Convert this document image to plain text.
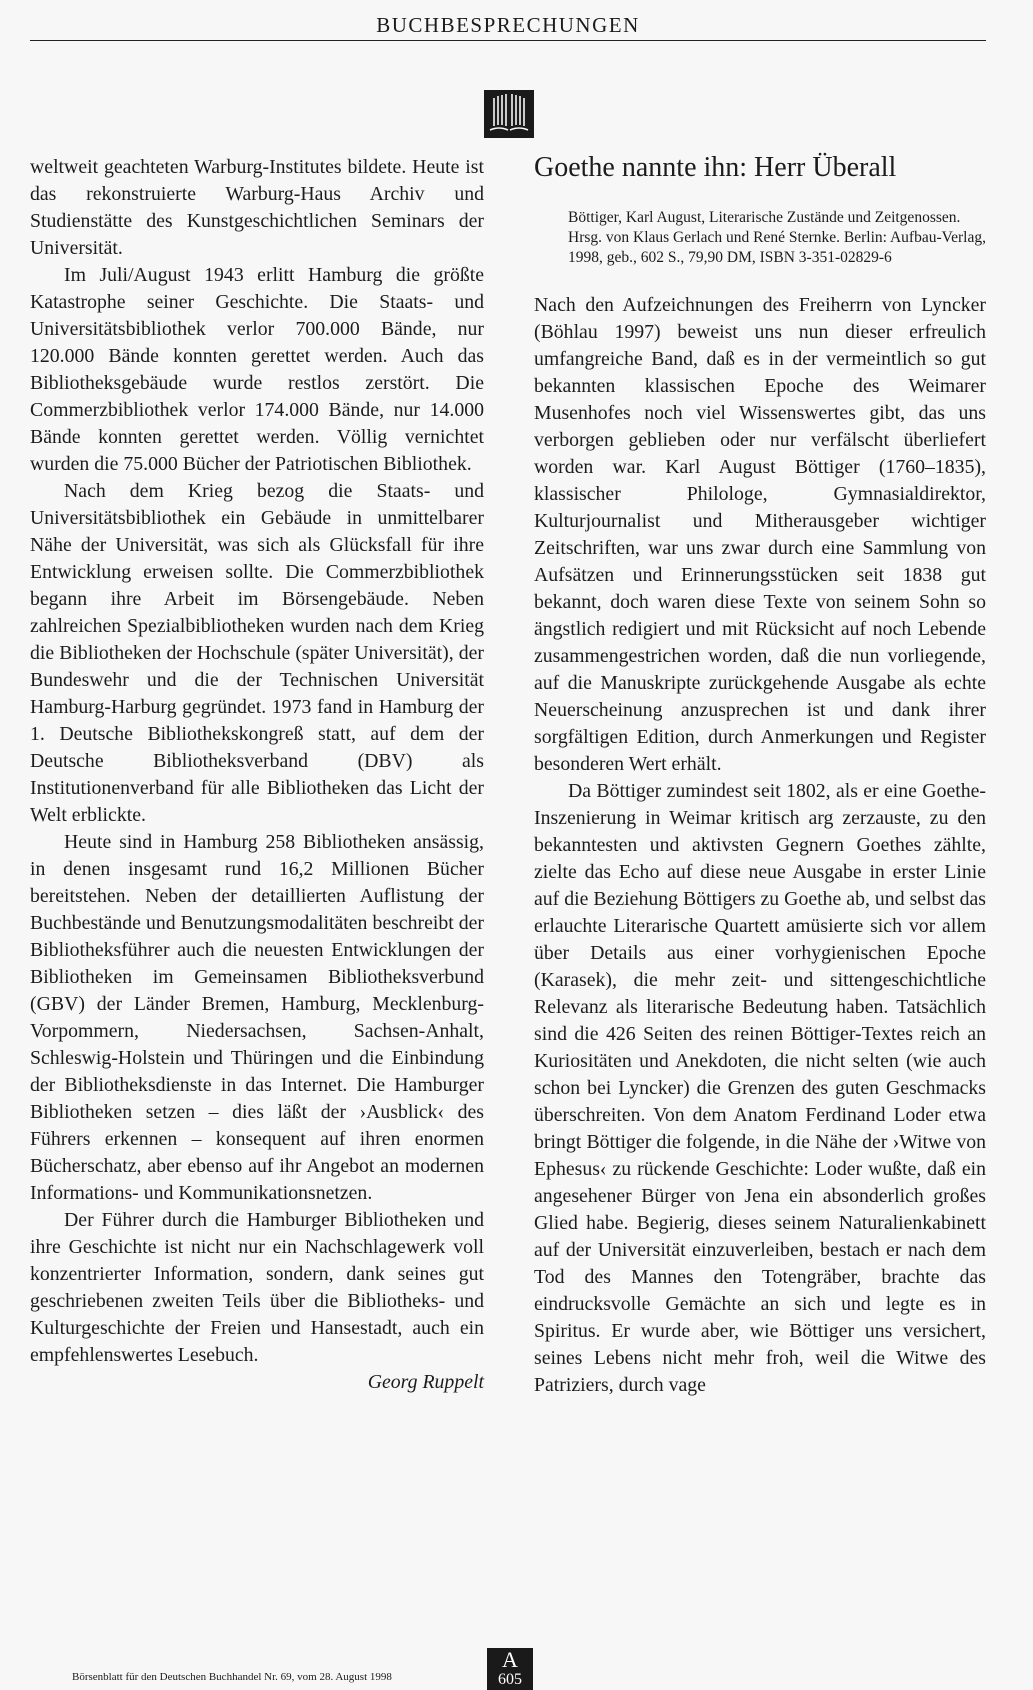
BUCHBESPRECHUNGEN

weltweit geachteten Warburg-Institutes bildete. Heute ist das rekonstruierte Warburg-Haus Archiv und Studienstätte des Kunstgeschichtlichen Seminars der Universität.

Im Juli/August 1943 erlitt Hamburg die größte Katastrophe seiner Geschichte. Die Staats- und Universitätsbibliothek verlor 700.000 Bände, nur 120.000 Bände konnten gerettet werden. Auch das Bibliotheksgebäude wurde restlos zerstört. Die Commerzbibliothek verlor 174.000 Bände, nur 14.000 Bände konnten gerettet werden. Völlig vernichtet wurden die 75.000 Bücher der Patriotischen Bibliothek.

Nach dem Krieg bezog die Staats- und Universitätsbibliothek ein Gebäude in unmittelbarer Nähe der Universität, was sich als Glücksfall für ihre Entwicklung erweisen sollte. Die Commerzbibliothek begann ihre Arbeit im Börsengebäude. Neben zahlreichen Spezialbibliotheken wurden nach dem Krieg die Bibliotheken der Hochschule (später Universität), der Bundeswehr und die der Technischen Universität Hamburg-Harburg gegründet. 1973 fand in Hamburg der 1. Deutsche Bibliothekskongreß statt, auf dem der Deutsche Bibliotheksverband (DBV) als Institutionenverband für alle Bibliotheken das Licht der Welt erblickte.

Heute sind in Hamburg 258 Bibliotheken ansässig, in denen insgesamt rund 16,2 Millionen Bücher bereitstehen. Neben der detaillierten Auflistung der Buchbestände und Benutzungsmodalitäten beschreibt der Bibliotheksführer auch die neuesten Entwicklungen der Bibliotheken im Gemeinsamen Bibliotheksverbund (GBV) der Länder Bremen, Hamburg, Mecklenburg-Vorpommern, Niedersachsen, Sachsen-Anhalt, Schleswig-Holstein und Thüringen und die Einbindung der Bibliotheksdienste in das Internet. Die Hamburger Bibliotheken setzen – dies läßt der ›Ausblick‹ des Führers erkennen – konsequent auf ihren enormen Bücherschatz, aber ebenso auf ihr Angebot an modernen Informations- und Kommunikationsnetzen.

Der Führer durch die Hamburger Bibliotheken und ihre Geschichte ist nicht nur ein Nachschlagewerk voll konzentrierter Information, sondern, dank seines gut geschriebenen zweiten Teils über die Bibliotheks- und Kulturgeschichte der Freien und Hansestadt, auch ein empfehlenswertes Lesebuch.

Georg Ruppelt

Goethe nannte ihn: Herr Überall
Böttiger, Karl August, Literarische Zustände und Zeitgenossen. Hrsg. von Klaus Gerlach und René Sternke. Berlin: Aufbau-Verlag, 1998, geb., 602 S., 79,90 DM, ISBN 3-351-02829-6

Nach den Aufzeichnungen des Freiherrn von Lyncker (Böhlau 1997) beweist uns nun dieser erfreulich umfangreiche Band, daß es in der vermeintlich so gut bekannten klassischen Epoche des Weimarer Musenhofes noch viel Wissenswertes gibt, das uns verborgen geblieben oder nur verfälscht überliefert worden war. Karl August Böttiger (1760–1835), klassischer Philologe, Gymnasialdirektor, Kulturjournalist und Mitherausgeber wichtiger Zeitschriften, war uns zwar durch eine Sammlung von Aufsätzen und Erinnerungsstücken seit 1838 gut bekannt, doch waren diese Texte von seinem Sohn so ängstlich redigiert und mit Rücksicht auf noch Lebende zusammengestrichen worden, daß die nun vorliegende, auf die Manuskripte zurückgehende Ausgabe als echte Neuerscheinung anzusprechen ist und dank ihrer sorgfältigen Edition, durch Anmerkungen und Register besonderen Wert erhält.

Da Böttiger zumindest seit 1802, als er eine Goethe-Inszenierung in Weimar kritisch arg zerzauste, zu den bekanntesten und aktivsten Gegnern Goethes zählte, zielte das Echo auf diese neue Ausgabe in erster Linie auf die Beziehung Böttigers zu Goethe ab, und selbst das erlauchte Literarische Quartett amüsierte sich vor allem über Details aus einer vorhygienischen Epoche (Karasek), die mehr zeit- und sittengeschichtliche Relevanz als literarische Bedeutung haben. Tatsächlich sind die 426 Seiten des reinen Böttiger-Textes reich an Kuriositäten und Anekdoten, die nicht selten (wie auch schon bei Lyncker) die Grenzen des guten Geschmacks überschreiten. Von dem Anatom Ferdinand Loder etwa bringt Böttiger die folgende, in die Nähe der ›Witwe von Ephesus‹ zu rückende Geschichte: Loder wußte, daß ein angesehener Bürger von Jena ein absonderlich großes Glied habe. Begierig, dieses seinem Naturalienkabinett auf der Universität einzuverleiben, bestach er nach dem Tod des Mannes den Totengräber, brachte das eindrucksvolle Gemächte an sich und legte es in Spiritus. Er wurde aber, wie Böttiger uns versichert, seines Lebens nicht mehr froh, weil die Witwe des Patriziers, durch vage

Börsenblatt für den Deutschen Buchhandel Nr. 69, vom 28. August 1998
A
605
